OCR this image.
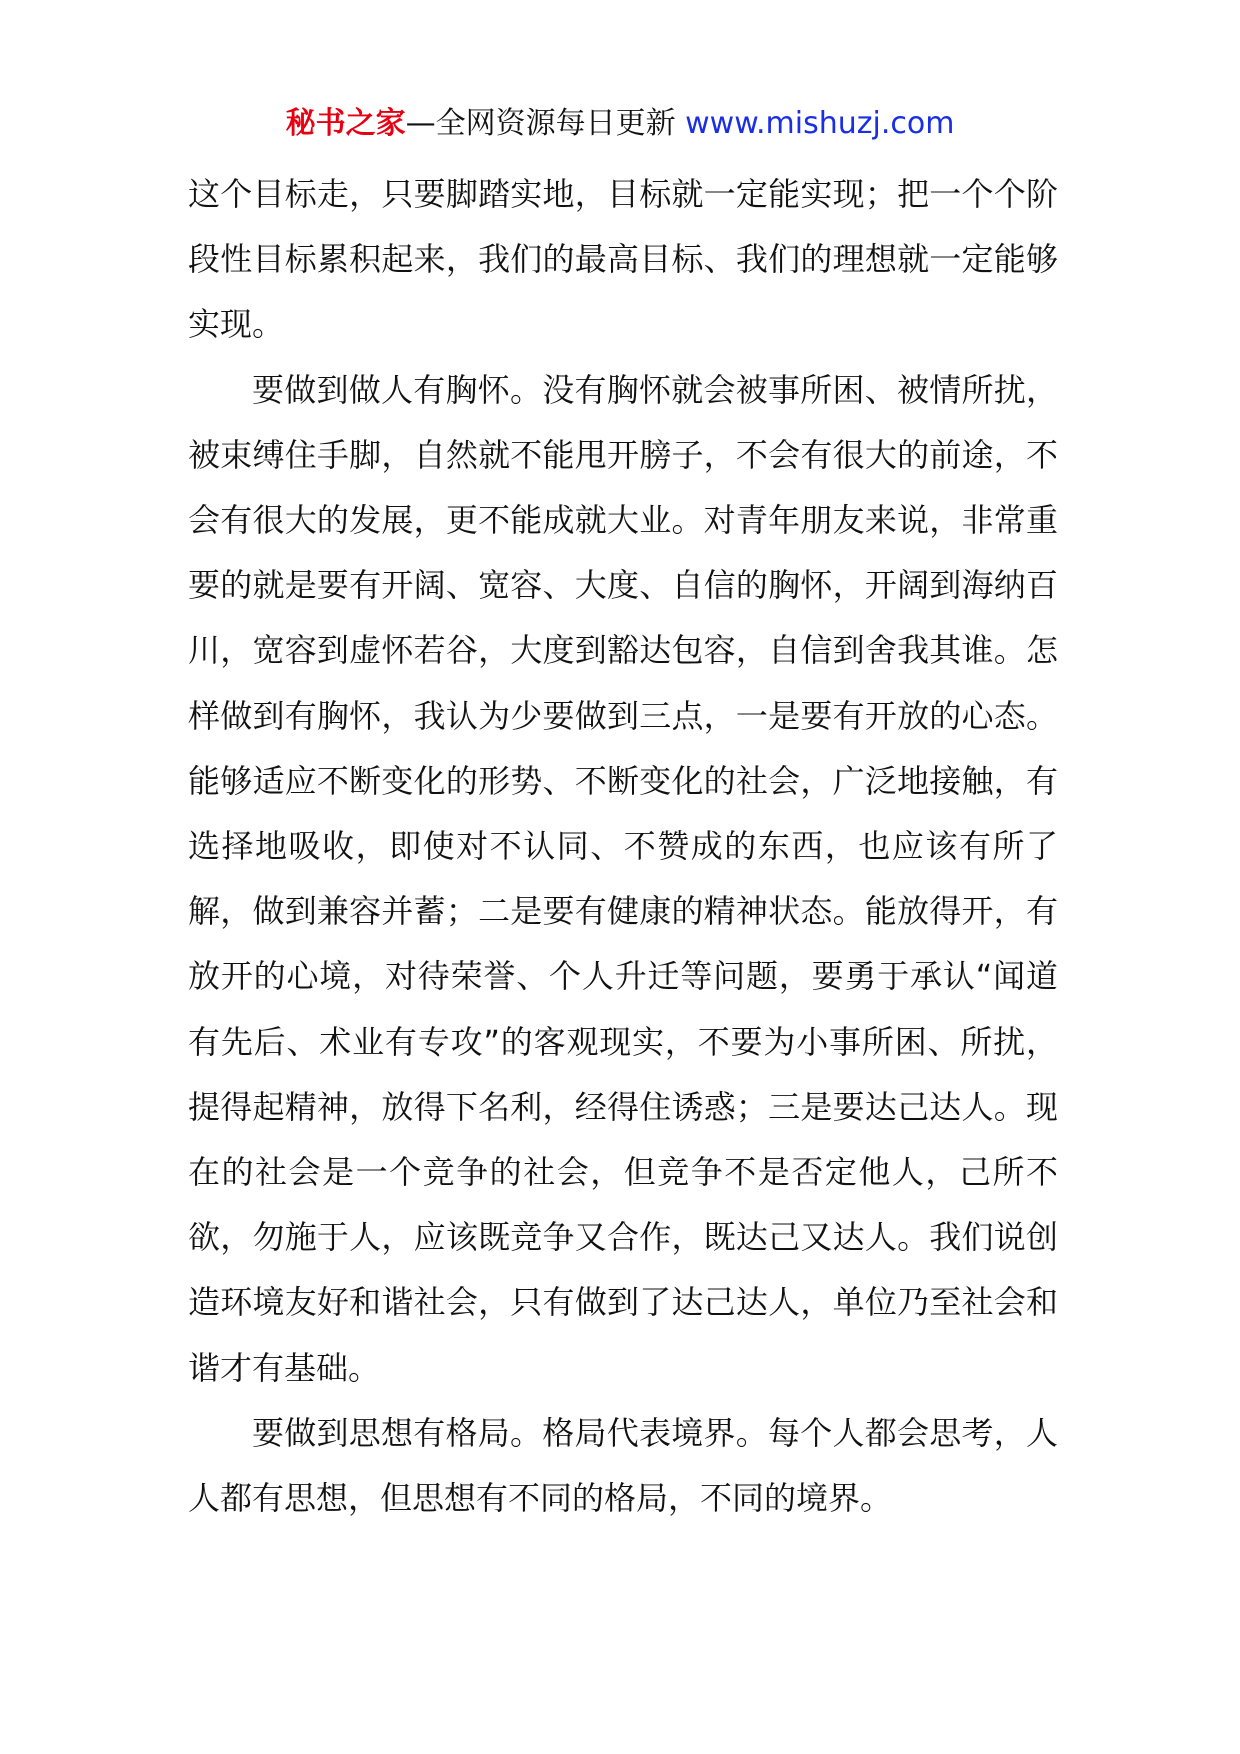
秘书之家—全网资源每日更新 www.mishuzj.com

这个目标走，只要脚踏实地，目标就一定能实现；把一个个阶段性目标累积起来，我们的最高目标、我们的理想就一定能够实现。

要做到做人有胸怀。没有胸怀就会被事所困、被情所扰，被束缚住手脚，自然就不能甩开膀子，不会有很大的前途，不会有很大的发展，更不能成就大业。对青年朋友来说，非常重要的就是要有开阔、宽容、大度、自信的胸怀，开阔到海纳百川，宽容到虚怀若谷，大度到豁达包容，自信到舍我其谁。怎样做到有胸怀，我认为少要做到三点，一是要有开放的心态。能够适应不断变化的形势、不断变化的社会，广泛地接触，有选择地吸收，即使对不认同、不赞成的东西，也应该有所了解，做到兼容并蓄；二是要有健康的精神状态。能放得开，有放开的心境，对待荣誉、个人升迁等问题，要勇于承认“闻道有先后、术业有专攻”的客观现实，不要为小事所困、所扰，提得起精神，放得下名利，经得住诱惑；三是要达己达人。现在的社会是一个竞争的社会，但竞争不是否定他人，己所不欲，勿施于人，应该既竞争又合作，既达己又达人。我们说创造环境友好和谐社会，只有做到了达己达人，单位乃至社会和谐才有基础。

要做到思想有格局。格局代表境界。每个人都会思考，人人都有思想，但思想有不同的格局，不同的境界。
